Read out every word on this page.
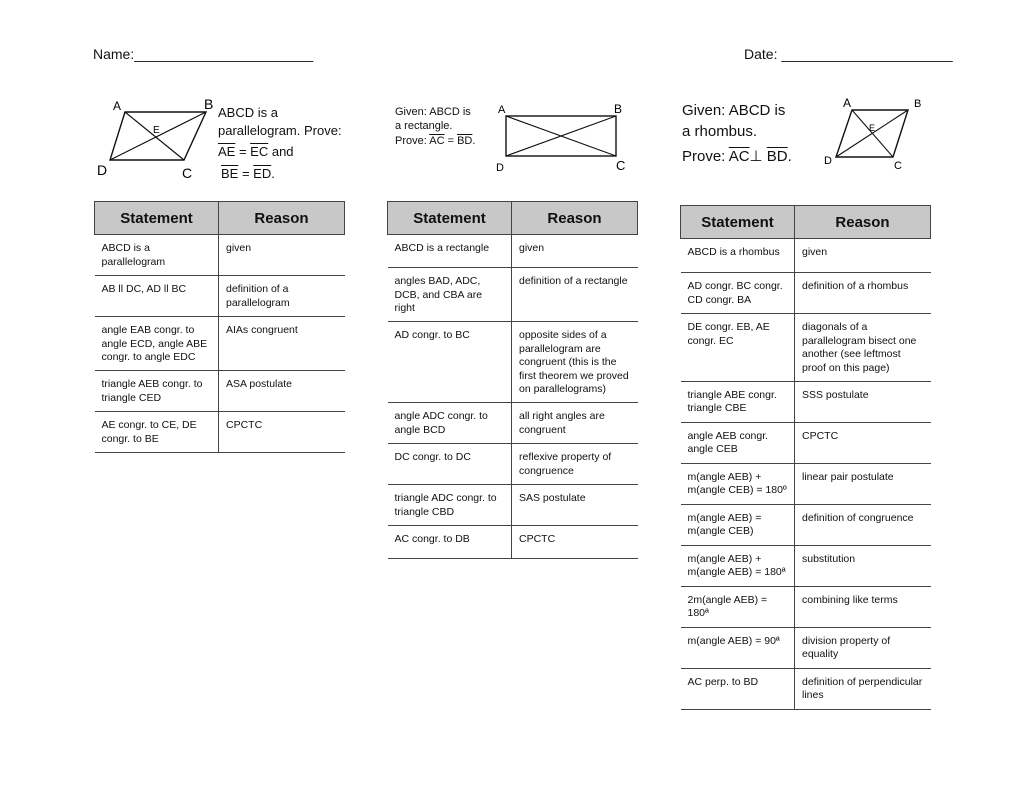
Name:_______________________	Date: ______________________
A	B
C
D
E
ABCD is a
parallelogram. Prove:
$\overline{AE} = \overline{EC}$ and
$\overline{BE} = \overline{ED}$.
Given: ABCD is
a rectangle.
Prove: $\overline{AC} = \overline{BD}$.
A	B
C
D
Given: ABCD is
a rhombus.
Prove: $\overline{AC}\perp$ $\overline{BD}$.
A	B
C
D
E
Statement	Reason
ABCD is a parallelogram	given
AB ll DC, AD ll BC	definition of a parallelogram
angle EAB congr. to angle ECD, angle ABE congr. to angle EDC	AIAs congruent
triangle AEB congr. to triangle CED	ASA postulate
AE congr. to CE, DE congr. to BE	CPCTC
Statement	Reason
ABCD is a rectangle	given
angles BAD, ADC, DCB, and CBA are right	definition of a rectangle
AD congr. to BC	opposite sides of a parallelogram are congruent (this is the first theorem we proved on parallelograms)
angle ADC congr. to angle BCD	all right angles are congruent
DC congr. to DC	reflexive property of congruence
triangle ADC congr. to triangle CBD	SAS postulate
AC congr. to DB	CPCTC
Statement	Reason
ABCD is a rhombus	given
AD congr. BC congr. CD congr. BA	definition of a rhombus
DE congr. EB, AE congr. EC	diagonals of a parallelogram bisect one another (see leftmost proof on this page)
triangle ABE congr. triangle CBE	SSS postulate
angle AEB congr. angle CEB	CPCTC
m(angle AEB) + m(angle CEB) = 180º	linear pair postulate
m(angle AEB) = m(angle CEB)	definition of congruence
m(angle AEB) + m(angle AEB) = 180ª	substitution
2m(angle AEB) = 180ª	combining like terms
m(angle AEB) = 90ª	division property of equality
AC perp. to BD	definition of perpendicular lines
